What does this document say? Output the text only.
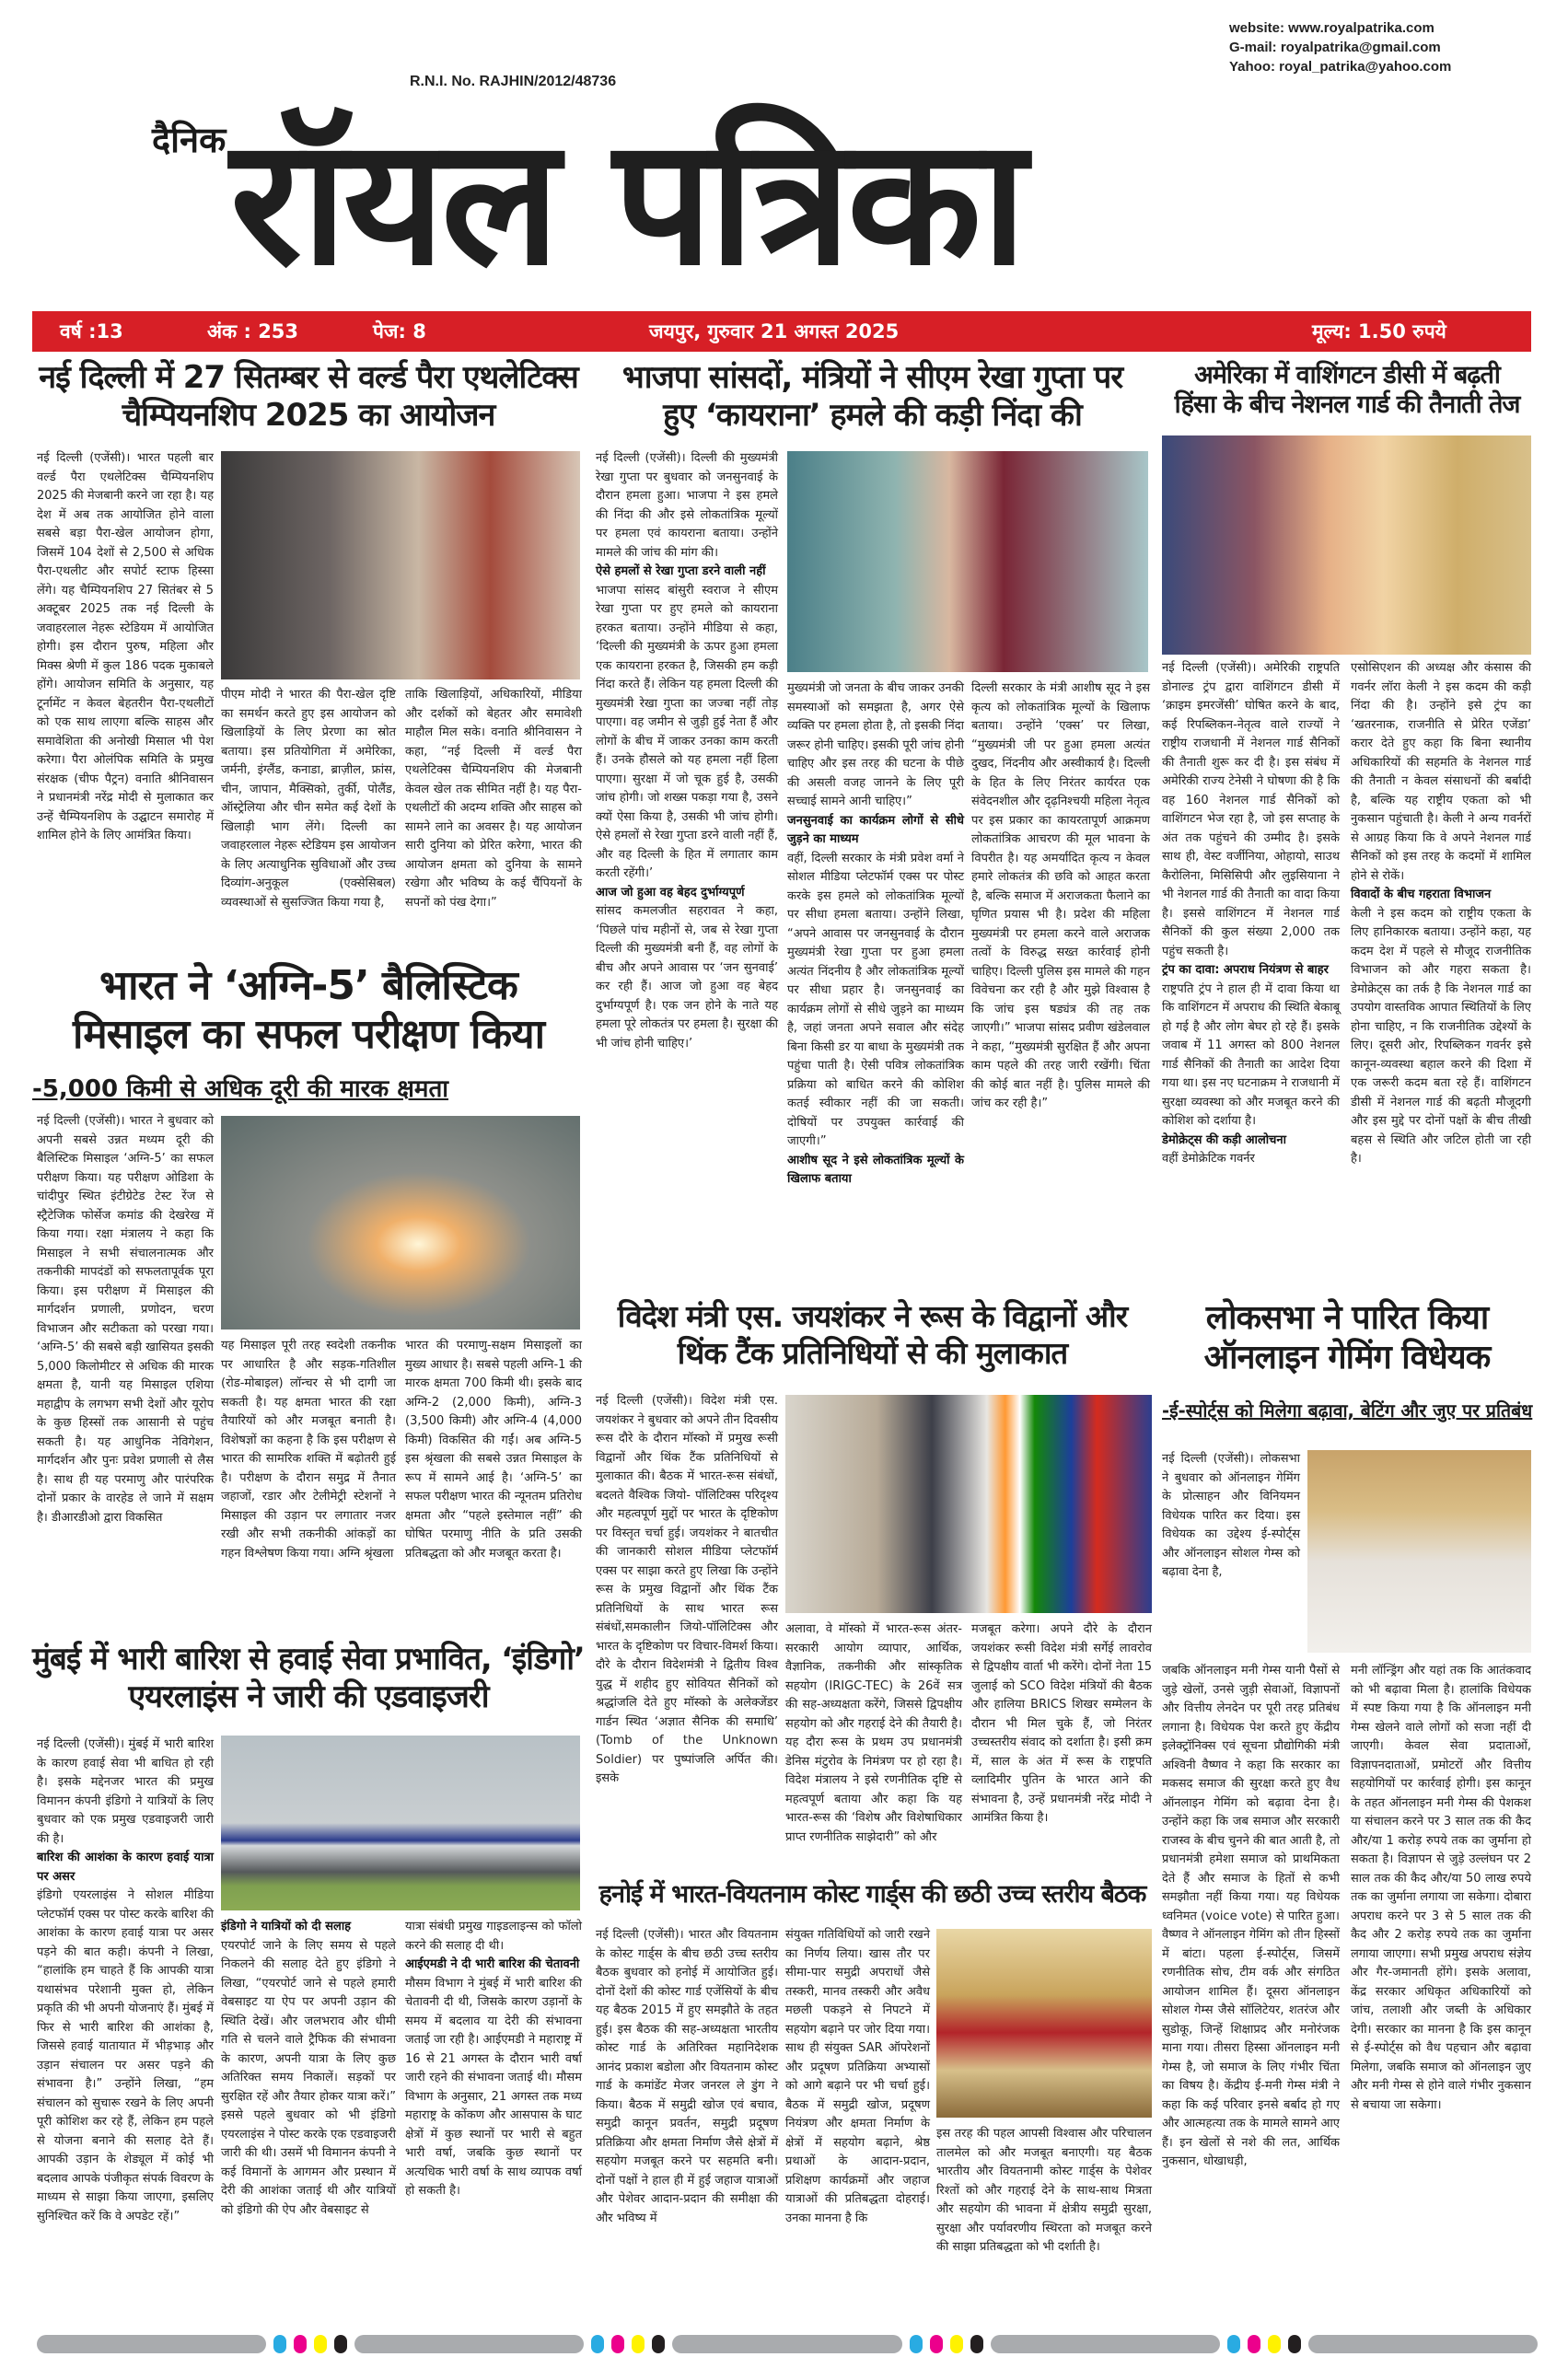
website: www.royalpatrika.com
G-mail: royalpatrika@gmail.com
Yahoo: royal_patrika@yahoo.com
R.N.I. No. RAJHIN/2012/48736
दैनिक रॉयल पत्रिका
वर्ष :13	अंक : 253	पेज: 8	जयपुर, गुरुवार 21 अगस्त 2025	मूल्य: 1.50 रुपये
नई दिल्ली में 27 सितम्बर से वर्ल्ड पैरा एथलेटिक्स
चैम्पियनशिप 2025 का आयोजन
नई दिल्ली (एजेंसी)। भारत पहली बार वर्ल्ड पैरा एथलेटिक्स चैम्पियनशिप 2025 की मेजबानी करने जा रहा है। यह देश में अब तक आयोजित होने वाला सबसे बड़ा पैरा-खेल आयोजन होगा, जिसमें 104 देशों से 2,500 से अधिक पैरा-एथलीट और सपोर्ट स्टाफ हिस्सा लेंगे। यह चैम्पियनशिप 27 सितंबर से 5 अक्टूबर 2025 तक नई दिल्ली के जवाहरलाल नेहरू स्टेडियम में आयोजित होगी। इस दौरान पुरुष, महिला और मिक्स श्रेणी में कुल 186 पदक मुकाबले होंगे। आयोजन समिति के अनुसार, यह टूर्नामेंट न केवल बेहतरीन पैरा-एथलीटों को एक साथ लाएगा बल्कि साहस और समावेशिता की अनोखी मिसाल भी पेश करेगा। पैरा ओलंपिक समिति के प्रमुख संरक्षक (चीफ पैट्रन) वनाति श्रीनिवासन ने प्रधानमंत्री नरेंद्र मोदी से मुलाकात कर उन्हें चैम्पियनशिप के उद्घाटन समारोह में शामिल होने के लिए आमंत्रित किया।
पीएम मोदी ने भारत की पैरा-खेल दृष्टि का समर्थन करते हुए इस आयोजन को खिलाड़ियों के लिए प्रेरणा का स्रोत बताया। इस प्रतियोगिता में अमेरिका, जर्मनी, इंग्लैंड, कनाडा, ब्राज़ील, फ्रांस, चीन, जापान, मैक्सिको, तुर्की, पोलैंड, ऑस्ट्रेलिया और चीन समेत कई देशों के खिलाड़ी भाग लेंगे। दिल्ली का जवाहरलाल नेहरू स्टेडियम इस आयोजन के लिए अत्याधुनिक सुविधाओं और उच्च दिव्यांग-अनुकूल (एक्सेसिबल) व्यवस्थाओं से सुसज्जित किया गया है,
ताकि खिलाड़ियों, अधिकारियों, मीडिया और दर्शकों को बेहतर और समावेशी माहौल मिल सके। वनाति श्रीनिवासन ने कहा, “नई दिल्ली में वर्ल्ड पैरा एथलेटिक्स चैम्पियनशिप की मेजबानी केवल खेल तक सीमित नहीं है। यह पैरा-एथलीटों की अदम्य शक्ति और साहस को सामने लाने का अवसर है। यह आयोजन सारी दुनिया को प्रेरित करेगा, भारत की आयोजन क्षमता को दुनिया के सामने रखेगा और भविष्य के कई चैंपियनों के सपनों को पंख देगा।”
भारत ने ‘अग्नि-5’ बैलिस्टिक
मिसाइल का सफल परीक्षण किया
-5,000 किमी से अधिक दूरी की मारक क्षमता
नई दिल्ली (एजेंसी)। भारत ने बुधवार को अपनी सबसे उन्नत मध्यम दूरी की बैलिस्टिक मिसाइल ‘अग्नि-5’ का सफल परीक्षण किया। यह परीक्षण ओडिशा के चांदीपुर स्थित इंटीग्रेटेड टेस्ट रेंज से स्ट्रैटेजिक फोर्सेज कमांड की देखरेख में किया गया। रक्षा मंत्रालय ने कहा कि मिसाइल ने सभी संचालनात्मक और तकनीकी मापदंडों को सफलतापूर्वक पूरा किया। इस परीक्षण में मिसाइल की मार्गदर्शन प्रणाली, प्रणोदन, चरण विभाजन और सटीकता को परखा गया। ‘अग्नि-5’ की सबसे बड़ी खासियत इसकी 5,000 किलोमीटर से अधिक की मारक क्षमता है, यानी यह मिसाइल एशिया महाद्वीप के लगभग सभी देशों और यूरोप के कुछ हिस्सों तक आसानी से पहुंच सकती है। यह आधुनिक नेविगेशन, मार्गदर्शन और पुनः प्रवेश प्रणाली से लैस है। साथ ही यह परमाणु और पारंपरिक दोनों प्रकार के वारहेड ले जाने में सक्षम है। डीआरडीओ द्वारा विकसित
यह मिसाइल पूरी तरह स्वदेशी तकनीक पर आधारित है और सड़क-गतिशील (रोड-मोबाइल) लॉन्चर से भी दागी जा सकती है। यह क्षमता भारत की रक्षा तैयारियों को और मजबूत बनाती है। विशेषज्ञों का कहना है कि इस परीक्षण से भारत की सामरिक शक्ति में बढ़ोतरी हुई है। परीक्षण के दौरान समुद्र में तैनात जहाजों, रडार और टेलीमेट्री स्टेशनों ने मिसाइल की उड़ान पर लगातार नजर रखी और सभी तकनीकी आंकड़ों का गहन विश्लेषण किया गया। अग्नि श्रृंखला
भारत की परमाणु-सक्षम मिसाइलों का मुख्य आधार है। सबसे पहली अग्नि-1 की मारक क्षमता 700 किमी थी। इसके बाद अग्नि-2 (2,000 किमी), अग्नि-3 (3,500 किमी) और अग्नि-4 (4,000 किमी) विकसित की गईं। अब अग्नि-5 इस श्रृंखला की सबसे उन्नत मिसाइल के रूप में सामने आई है। ‘अग्नि-5’ का सफल परीक्षण भारत की न्यूनतम प्रतिरोध क्षमता और “पहले इस्तेमाल नहीं” की घोषित परमाणु नीति के प्रति उसकी प्रतिबद्धता को और मजबूत करता है।
मुंबई में भारी बारिश से हवाई सेवा प्रभावित, ‘इंडिगो’
एयरलाइंस ने जारी की एडवाइजरी
नई दिल्ली (एजेंसी)। मुंबई में भारी बारिश के कारण हवाई सेवा भी बाधित हो रही है। इसके मद्देनजर भारत की प्रमुख विमानन कंपनी इंडिगो ने यात्रियों के लिए बुधवार को एक प्रमुख एडवाइजरी जारी की है।
बारिश की आशंका के कारण हवाई यात्रा पर असर
इंडिगो एयरलाइंस ने सोशल मीडिया प्लेटफॉर्म एक्स पर पोस्ट करके बारिश की आशंका के कारण हवाई यात्रा पर असर पड़ने की बात कही। कंपनी ने लिखा, “हालांकि हम चाहते हैं कि आपकी यात्रा यथासंभव परेशानी मुक्त हो, लेकिन प्रकृति की भी अपनी योजनाएं हैं। मुंबई में फिर से भारी बारिश की आशंका है, जिससे हवाई यातायात में भीड़भाड़ और उड़ान संचालन पर असर पड़ने की संभावना है।” उन्होंने लिखा, “हम संचालन को सुचारू रखने के लिए अपनी पूरी कोशिश कर रहे हैं, लेकिन हम पहले से योजना बनाने की सलाह देते हैं। आपकी उड़ान के शेड्यूल में कोई भी बदलाव आपके पंजीकृत संपर्क विवरण के माध्यम से साझा किया जाएगा, इसलिए सुनिश्चित करें कि वे अपडेट रहें।”
इंडिगो ने यात्रियों को दी सलाह
एयरपोर्ट जाने के लिए समय से पहले निकलने की सलाह देते हुए इंडिगो ने लिखा, “एयरपोर्ट जाने से पहले हमारी वेबसाइट या ऐप पर अपनी उड़ान की स्थिति देखें। और जलभराव और धीमी गति से चलने वाले ट्रैफिक की संभावना के कारण, अपनी यात्रा के लिए कुछ अतिरिक्त समय निकालें। सड़कों पर सुरक्षित रहें और तैयार होकर यात्रा करें।” इससे पहले बुधवार को भी इंडिगो एयरलाइंस ने पोस्ट करके एक एडवाइजरी जारी की थी। उसमें भी विमानन कंपनी ने कई विमानों के आगमन और प्रस्थान में देरी की आशंका जताई थी और यात्रियों को इंडिगो की ऐप और वेबसाइट से
यात्रा संबंधी प्रमुख गाइडलाइन्स को फॉलो करने की सलाह दी थी।
आईएमडी ने दी भारी बारिश की चेतावनी
मौसम विभाग ने मुंबई में भारी बारिश की चेतावनी दी थी, जिसके कारण उड़ानों के समय में बदलाव या देरी की संभावना जताई जा रही है। आईएमडी ने महाराष्ट्र में 16 से 21 अगस्त के दौरान भारी वर्षा जारी रहने की संभावना जताई थी। मौसम विभाग के अनुसार, 21 अगस्त तक मध्य महाराष्ट्र के कोंकण और आसपास के घाट क्षेत्रों में कुछ स्थानों पर भारी से बहुत भारी वर्षा, जबकि कुछ स्थानों पर अत्यधिक भारी वर्षा के साथ व्यापक वर्षा हो सकती है।
भाजपा सांसदों, मंत्रियों ने सीएम रेखा गुप्ता पर
हुए ‘कायराना’ हमले की कड़ी निंदा की
नई दिल्ली (एजेंसी)। दिल्ली की मुख्यमंत्री रेखा गुप्ता पर बुधवार को जनसुनवाई के दौरान हमला हुआ। भाजपा ने इस हमले की निंदा की और इसे लोकतांत्रिक मूल्यों पर हमला एवं कायराना बताया। उन्होंने मामले की जांच की मांग की।
ऐसे हमलों से रेखा गुप्ता डरने वाली नहीं
भाजपा सांसद बांसुरी स्वराज ने सीएम रेखा गुप्ता पर हुए हमले को कायराना हरकत बताया। उन्होंने मीडिया से कहा, ‘दिल्ली की मुख्यमंत्री के ऊपर हुआ हमला एक कायराना हरकत है, जिसकी हम कड़ी निंदा करते हैं। लेकिन यह हमला दिल्ली की मुख्यमंत्री रेखा गुप्ता का जज्बा नहीं तोड़ पाएगा। वह जमीन से जुड़ी हुई नेता हैं और लोगों के बीच में जाकर उनका काम करती हैं। उनके हौसले को यह हमला नहीं हिला पाएगा। सुरक्षा में जो चूक हुई है, उसकी जांच होगी। जो शख्स पकड़ा गया है, उसने क्यों ऐसा किया है, उसकी भी जांच होगी। ऐसे हमलों से रेखा गुप्ता डरने वाली नहीं हैं, और वह दिल्ली के हित में लगातार काम करती रहेंगी।’
आज जो हुआ वह बेहद दुर्भाग्यपूर्ण
सांसद कमलजीत सहरावत ने कहा, ‘पिछले पांच महीनों से, जब से रेखा गुप्ता दिल्ली की मुख्यमंत्री बनी हैं, वह लोगों के बीच और अपने आवास पर ‘जन सुनवाई’ कर रही हैं। आज जो हुआ वह बेहद दुर्भाग्यपूर्ण है। एक जन होने के नाते यह हमला पूरे लोकतंत्र पर हमला है। सुरक्षा की भी जांच होनी चाहिए।’
मुख्यमंत्री जो जनता के बीच जाकर उनकी समस्याओं को समझता है, अगर ऐसे व्यक्ति पर हमला होता है, तो इसकी निंदा जरूर होनी चाहिए। इसकी पूरी जांच होनी चाहिए और इस तरह की घटना के पीछे की असली वजह जानने के लिए पूरी सच्चाई सामने आनी चाहिए।”
जनसुनवाई का कार्यक्रम लोगों से सीधे जुड़ने का माध्यम
वहीं, दिल्ली सरकार के मंत्री प्रवेश वर्मा ने सोशल मीडिया प्लेटफॉर्म एक्स पर पोस्ट करके इस हमले को लोकतांत्रिक मूल्यों पर सीधा हमला बताया। उन्होंने लिखा, “अपने आवास पर जनसुनवाई के दौरान मुख्यमंत्री रेखा गुप्ता पर हुआ हमला अत्यंत निंदनीय है और लोकतांत्रिक मूल्यों पर सीधा प्रहार है। जनसुनवाई का कार्यक्रम लोगों से सीधे जुड़ने का माध्यम है, जहां जनता अपने सवाल और संदेह बिना किसी डर या बाधा के मुख्यमंत्री तक पहुंचा पाती है। ऐसी पवित्र लोकतांत्रिक प्रक्रिया को बाधित करने की कोशिश कतई स्वीकार नहीं की जा सकती। दोषियों पर उपयुक्त कार्रवाई की जाएगी।”
आशीष सूद ने इसे लोकतांत्रिक मूल्यों के खिलाफ बताया
दिल्ली सरकार के मंत्री आशीष सूद ने इस कृत्य को लोकतांत्रिक मूल्यों के खिलाफ बताया। उन्होंने ‘एक्स’ पर लिखा, “मुख्यमंत्री जी पर हुआ हमला अत्यंत दुखद, निंदनीय और अस्वीकार्य है। दिल्ली के हित के लिए निरंतर कार्यरत एक संवेदनशील और दृढ़निश्चयी महिला नेतृत्व पर इस प्रकार का कायरतापूर्ण आक्रमण लोकतांत्रिक आचरण की मूल भावना के विपरीत है। यह अमर्यादित कृत्य न केवल हमारे लोकतंत्र की छवि को आहत करता है, बल्कि समाज में अराजकता फैलाने का घृणित प्रयास भी है। प्रदेश की महिला मुख्यमंत्री पर हमला करने वाले अराजक तत्वों के विरुद्ध सख्त कार्रवाई होनी चाहिए। दिल्ली पुलिस इस मामले की गहन विवेचना कर रही है और मुझे विश्वास है कि जांच इस षड्यंत्र की तह तक जाएगी।” भाजपा सांसद प्रवीण खंडेलवाल ने कहा, “मुख्यमंत्री सुरक्षित हैं और अपना काम पहले की तरह जारी रखेंगी। चिंता की कोई बात नहीं है। पुलिस मामले की जांच कर रही है।”
अमेरिका में वाशिंगटन डीसी में बढ़ती
हिंसा के बीच नेशनल गार्ड की तैनाती तेज
नई दिल्ली (एजेंसी)। अमेरिकी राष्ट्रपति डोनाल्ड ट्रंप द्वारा वाशिंगटन डीसी में ‘क्राइम इमरजेंसी’ घोषित करने के बाद, कई रिपब्लिकन-नेतृत्व वाले राज्यों ने राष्ट्रीय राजधानी में नेशनल गार्ड सैनिकों की तैनाती शुरू कर दी है। इस संबंध में अमेरिकी राज्य टेनेसी ने घोषणा की है कि वह 160 नेशनल गार्ड सैनिकों को वाशिंगटन भेज रहा है, जो इस सप्ताह के अंत तक पहुंचने की उम्मीद है। इसके साथ ही, वेस्ट वर्जीनिया, ओहायो, साउथ कैरोलिना, मिसिसिपी और लुइसियाना ने भी नेशनल गार्ड की तैनाती का वादा किया है। इससे वाशिंगटन में नेशनल गार्ड सैनिकों की कुल संख्या 2,000 तक पहुंच सकती है।
ट्रंप का दावा: अपराध नियंत्रण से बाहर
राष्ट्रपति ट्रंप ने हाल ही में दावा किया था कि वाशिंगटन में अपराध की स्थिति बेकाबू हो गई है और लोग बेघर हो रहे हैं। इसके जवाब में 11 अगस्त को 800 नेशनल गार्ड सैनिकों की तैनाती का आदेश दिया गया था। इस नए घटनाक्रम ने राजधानी में सुरक्षा व्यवस्था को और मजबूत करने की कोशिश को दर्शाया है।
डेमोक्रेट्स की कड़ी आलोचना
वहीं डेमोक्रेटिक गवर्नर
एसोसिएशन की अध्यक्ष और कंसास की गवर्नर लॉरा केली ने इस कदम की कड़ी निंदा की है। उन्होंने इसे ट्रंप का ‘खतरनाक, राजनीति से प्रेरित एजेंडा’ करार देते हुए कहा कि बिना स्थानीय अधिकारियों की सहमति के नेशनल गार्ड की तैनाती न केवल संसाधनों की बर्बादी है, बल्कि यह राष्ट्रीय एकता को भी नुकसान पहुंचाती है। केली ने अन्य गवर्नरों से आग्रह किया कि वे अपने नेशनल गार्ड सैनिकों को इस तरह के कदमों में शामिल होने से रोकें।
विवादों के बीच गहराता विभाजन
केली ने इस कदम को राष्ट्रीय एकता के लिए हानिकारक बताया। उन्होंने कहा, यह कदम देश में पहले से मौजूद राजनीतिक विभाजन को और गहरा सकता है। डेमोक्रेट्स का तर्क है कि नेशनल गार्ड का उपयोग वास्तविक आपात स्थितियों के लिए होना चाहिए, न कि राजनीतिक उद्देश्यों के लिए। दूसरी ओर, रिपब्लिकन गवर्नर इसे कानून-व्यवस्था बहाल करने की दिशा में एक जरूरी कदम बता रहे हैं। वाशिंगटन डीसी में नेशनल गार्ड की बढ़ती मौजूदगी और इस मुद्दे पर दोनों पक्षों के बीच तीखी बहस से स्थिति और जटिल होती जा रही है।
विदेश मंत्री एस. जयशंकर ने रूस के विद्वानों और
थिंक टैंक प्रतिनिधियों से की मुलाकात
नई दिल्ली (एजेंसी)। विदेश मंत्री एस. जयशंकर ने बुधवार को अपने तीन दिवसीय रूस दौरे के दौरान मॉस्को में प्रमुख रूसी विद्वानों और थिंक टैंक प्रतिनिधियों से मुलाकात की। बैठक में भारत-रूस संबंधों, बदलते वैश्विक जियो- पॉलिटिक्स परिदृश्य और महत्वपूर्ण मुद्दों पर भारत के दृष्टिकोण पर विस्तृत चर्चा हुई। जयशंकर ने बातचीत की जानकारी सोशल मीडिया प्लेटफॉर्म एक्स पर साझा करते हुए लिखा कि उन्होंने रूस के प्रमुख विद्वानों और थिंक टैंक प्रतिनिधियों के साथ भारत रूस संबंधों,समकालीन जियो-पॉलिटिक्स और भारत के दृष्टिकोण पर विचार-विमर्श किया। दौरे के दौरान विदेशमंत्री ने द्वितीय विश्व युद्ध में शहीद हुए सोवियत सैनिकों को श्रद्धांजलि देते हुए मॉस्को के अलेक्जेंडर गार्डन स्थित ‘अज्ञात सैनिक की समाधि’ (Tomb of the Unknown Soldier) पर पुष्पांजलि अर्पित की। इसके
अलावा, वे मॉस्को में भारत-रूस अंतर-सरकारी आयोग व्यापार, आर्थिक, वैज्ञानिक, तकनीकी और सांस्कृतिक सहयोग (IRIGC-TEC) के 26वें सत्र की सह-अध्यक्षता करेंगे, जिससे द्विपक्षीय सहयोग को और गहराई देने की तैयारी है। यह दौरा रूस के प्रथम उप प्रधानमंत्री डेनिस मंटुरोव के निमंत्रण पर हो रहा है। विदेश मंत्रालय ने इसे रणनीतिक दृष्टि से महत्वपूर्ण बताया और कहा कि यह भारत-रूस की ‘विशेष और विशेषाधिकार प्राप्त रणनीतिक साझेदारी” को और
मजबूत करेगा। अपने दौरे के दौरान जयशंकर रूसी विदेश मंत्री सर्गेई लावरोव से द्विपक्षीय वार्ता भी करेंगे। दोनों नेता 15 जुलाई को SCO विदेश मंत्रियों की बैठक और हालिया BRICS शिखर सम्मेलन के दौरान भी मिल चुके हैं, जो निरंतर उच्चस्तरीय संवाद को दर्शाता है। इसी क्रम में, साल के अंत में रूस के राष्ट्रपति व्लादिमीर पुतिन के भारत आने की संभावना है, उन्हें प्रधानमंत्री नरेंद्र मोदी ने आमंत्रित किया है।
लोकसभा ने पारित किया
ऑनलाइन गेमिंग विधेयक
-ई-स्पोर्ट्स को मिलेगा बढ़ावा, बेटिंग और जुए पर प्रतिबंध
नई दिल्ली (एजेंसी)। लोकसभा ने बुधवार को ऑनलाइन गेमिंग के प्रोत्साहन और विनियमन विधेयक पारित कर दिया। इस विधेयक का उद्देश्य ई-स्पोर्ट्स और ऑनलाइन सोशल गेम्स को बढ़ावा देना है,
जबकि ऑनलाइन मनी गेम्स यानी पैसों से जुड़े खेलों, उनसे जुड़ी सेवाओं, विज्ञापनों और वित्तीय लेनदेन पर पूरी तरह प्रतिबंध लगाना है। विधेयक पेश करते हुए केंद्रीय इलेक्ट्रॉनिक्स एवं सूचना प्रौद्योगिकी मंत्री अश्विनी वैष्णव ने कहा कि सरकार का मकसद समाज की सुरक्षा करते हुए वैध ऑनलाइन गेमिंग को बढ़ावा देना है। उन्होंने कहा कि जब समाज और सरकारी राजस्व के बीच चुनने की बात आती है, तो प्रधानमंत्री हमेशा समाज को प्राथमिकता देते हैं और समाज के हितों से कभी समझौता नहीं किया गया। यह विधेयक ध्वनिमत (voice vote) से पारित हुआ। वैष्णव ने ऑनलाइन गेमिंग को तीन हिस्सों में बांटा। पहला ई-स्पोर्ट्स, जिसमें रणनीतिक सोच, टीम वर्क और संगठित आयोजन शामिल हैं। दूसरा ऑनलाइन सोशल गेम्स जैसे सॉलिटेयर, शतरंज और सुडोकू, जिन्हें शिक्षाप्रद और मनोरंजक माना गया। तीसरा हिस्सा ऑनलाइन मनी गेम्स है, जो समाज के लिए गंभीर चिंता का विषय है। केंद्रीय ई-मनी गेम्स मंत्री ने कहा कि कई परिवार इनसे बर्बाद हो गए और आत्महत्या तक के मामले सामने आए हैं। इन खेलों से नशे की लत, आर्थिक नुकसान, धोखाधड़ी,
मनी लॉन्ड्रिंग और यहां तक कि आतंकवाद को भी बढ़ावा मिला है। हालांकि विधेयक में स्पष्ट किया गया है कि ऑनलाइन मनी गेम्स खेलने वाले लोगों को सजा नहीं दी जाएगी। केवल सेवा प्रदाताओं, विज्ञापनदाताओं, प्रमोटरों और वित्तीय सहयोगियों पर कार्रवाई होगी। इस कानून के तहत ऑनलाइन मनी गेम्स की पेशकश या संचालन करने पर 3 साल तक की कैद और/या 1 करोड़ रुपये तक का जुर्माना हो सकता है। विज्ञापन से जुड़े उल्लंघन पर 2 साल तक की कैद और/या 50 लाख रुपये तक का जुर्माना लगाया जा सकेगा। दोबारा अपराध करने पर 3 से 5 साल तक की कैद और 2 करोड़ रुपये तक का जुर्माना लगाया जाएगा। सभी प्रमुख अपराध संज्ञेय और गैर-जमानती होंगे। इसके अलावा, केंद्र सरकार अधिकृत अधिकारियों को जांच, तलाशी और जब्ती के अधिकार देगी। सरकार का मानना है कि इस कानून से ई-स्पोर्ट्स को वैध पहचान और बढ़ावा मिलेगा, जबकि समाज को ऑनलाइन जुए और मनी गेम्स से होने वाले गंभीर नुकसान से बचाया जा सकेगा।
हनोई में भारत-वियतनाम कोस्ट गार्ड्स की छठी उच्च स्तरीय बैठक
नई दिल्ली (एजेंसी)। भारत और वियतनाम के कोस्ट गार्ड्स के बीच छठी उच्च स्तरीय बैठक बुधवार को हनोई में आयोजित हुई। दोनों देशों की कोस्ट गार्ड एजेंसियों के बीच यह बैठक 2015 में हुए समझौते के तहत हुई। इस बैठक की सह-अध्यक्षता भारतीय कोस्ट गार्ड के अतिरिक्त महानिदेशक आनंद प्रकाश बडोला और वियतनाम कोस्ट गार्ड के कमांडेंट मेजर जनरल ले डुंग ने किया। बैठक में समुद्री खोज एवं बचाव, समुद्री कानून प्रवर्तन, समुद्री प्रदूषण प्रतिक्रिया और क्षमता निर्माण जैसे क्षेत्रों में सहयोग मजबूत करने पर सहमति बनी। दोनों पक्षों ने हाल ही में हुई जहाज यात्राओं और पेशेवर आदान-प्रदान की समीक्षा की और भविष्य में
संयुक्त गतिविधियों को जारी रखने का निर्णय लिया। खास तौर पर सीमा-पार समुद्री अपराधों जैसे तस्करी, मानव तस्करी और अवैध मछली पकड़ने से निपटने में सहयोग बढ़ाने पर जोर दिया गया। साथ ही संयुक्त SAR ऑपरेशनों और प्रदूषण प्रतिक्रिया अभ्यासों को आगे बढ़ाने पर भी चर्चा हुई। बैठक में समुद्री खोज, प्रदूषण नियंत्रण और क्षमता निर्माण के क्षेत्रों में सहयोग बढ़ाने, श्रेष्ठ प्रथाओं के आदान-प्रदान, प्रशिक्षण कार्यक्रमों और जहाज यात्राओं की प्रतिबद्धता दोहराई। उनका मानना है कि
इस तरह की पहल आपसी विश्वास और परिचालन तालमेल को और मजबूत बनाएगी। यह बैठक भारतीय और वियतनामी कोस्ट गार्ड्स के पेशेवर रिश्तों को और गहराई देने के साथ-साथ मित्रता और सहयोग की भावना में क्षेत्रीय समुद्री सुरक्षा, सुरक्षा और पर्यावरणीय स्थिरता को मजबूत करने की साझा प्रतिबद्धता को भी दर्शाती है।
